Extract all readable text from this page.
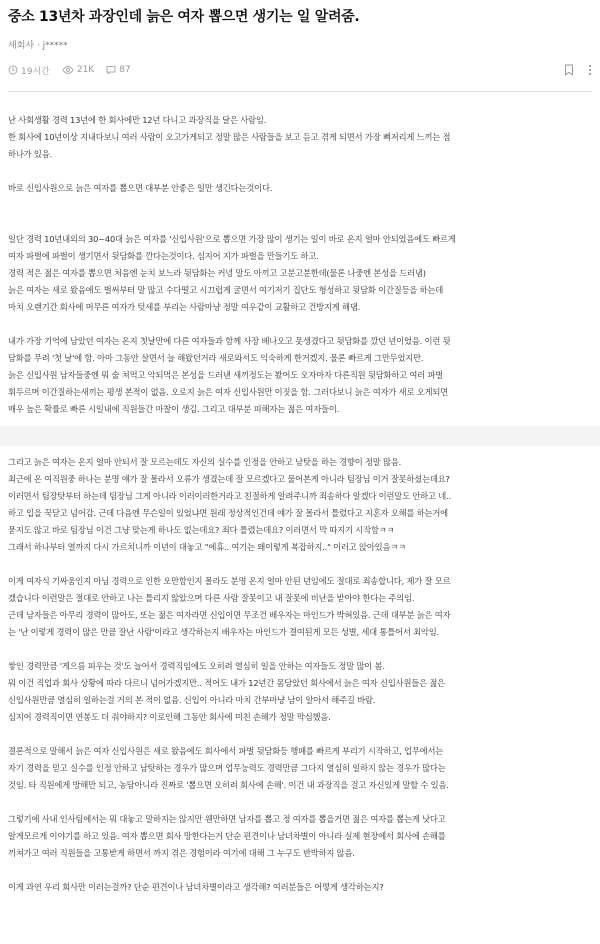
중소 13년차 과장인데 늙은 여자 뽑으면 생기는 일 알려줌.
새회사 · j*****
19시간	21K	87

난 사회생활 경력 13년에 한 회사에만 12년 다니고 과장직을 달은 사람임.
한 회사에 10년이상 지내다보니 여러 사람이 오고가게되고 정말 많은 사람들을 보고 듣고 겪게 되면서 가장 뼈저리게 느끼는 점
하나가 있음.

바로 신입사원으로 늙은 여자를 뽑으면 대부분 안좋은 일만 생긴다는것이다.

일단 경력 10년내외의 30~40대 늙은 여자를 '신입사원'으로 뽑으면 가장 많이 생기는 일이 바로 온지 얼마 안되었음에도 빠르게
여자 파벌에 파벌이 생기면서 뒷담화를 깐다는것이다. 심지어 지가 파벌을 만들기도 하고.
경력 적은 젊은 여자를 뽑으면 처음엔 눈치 보느라 뒷담화는 커녕 말도 아끼고 고분고분한데(물론 나중엔 본성을 드러냄)
늙은 여자는 새로 왔음에도 벌써부터 말 많고 수다떨고 시끄럽게 굴면서 여기저기 집단도 형성하고 뒷담화 이간질등을 하는데
마치 오랜기간 회사에 머무른 여자가 텃세를 부리는 사람마냥 정말 여우같이 교활하고 건방지게 해댐.

내가 가장 기억에 남았던 여자는 온지 첫날만에 다른 여자들과 함께 사장 배나오고 못생겼다고 뒷담화를 깠던 년이었음. 이런 뒷
담화를 무려 '첫 날'에 함. 아마 그동안 살면서 늘 해왔던거라 새로와서도 익숙하게 한거겠지. 물론 빠르게 그만두었지만.
늙은 신입사원 남자들중엔 뭐 술 쳐먹고 악되먹은 본성을 드러낸 새끼정도는 봤어도 오자마자 다른직원 뒷담화하고 여러 파벌
휘두르며 이간질하는새끼는 평생 본적이 없음. 오로지 늙은 여자 신입사원만 이짓을 함. 그러다보니 늙은 여자가 새로 오게되면
매우 높은 확률로 빠른 시일내에 직원들간 마찰이 생김. 그리고 대부분 피해자는 젊은 여자들이.

그리고 늙은 여자는 온지 얼마 안되서 잘 모르는데도 자신의 실수를 인정을 안하고 남탓을 하는 경향이 정말 많음.
최근에 온 여직원중 하나는 분명 얘가 잘 몰라서 오류가 생겼는데 잘 모르겠다고 물어본게 아니라 팀장님 이거 잘못하셨는데요?
이러면서 팀장탓부터 하는데 팀장님 그게 아니라 이러이러한거라고 친절하게 알려주니까 죄송하다 알겠다 이런말도 안하고 네..
하고 입을 꾹닫고 넘어감. 근데 다음엔 무슨일이 있었냐면 원래 정상적인건데 얘가 잘 몰라서 틀렸다고 지혼자 오해를 하는거에
묻지도 않고 바로 팀장님 이건 그냥 맞는게 하나도 없는데요? 죄다 틀렸는데요? 이러면서 막 따지기 시작함ㅋㅋ
그래서 하나부터 열까지 다시 가르치니까 이년이 대놓고 "에휴.. 여기는 왜이렇게 복잡하지.." 이러고 앉아있음ㅋㅋ

이게 여자식 기싸움인지 아님 경력으로 인한 오만함인지 몰라도 분명 온지 얼마 안된 년임에도 절대로 죄송합니다, 제가 잘 모르
겠습니다 이런말은 절대로 안하고 나는 틀리지 않았으며 다른 사람 잘못이고 내 잘못에 비난을 받아야 한다는 주의임.
근데 남자들은 아무리 경력이 많아도, 또는 젊은 여자라면 신입이면 무조건 배우자는 마인드가 박혀있음. 근데 대부분 늙은 여자
는 '난 이렇게 경력이 많은 만큼 잘난 사람'이라고 생각하는지 배우자는 마인드가 결여된게 모든 성별, 세대 통틀어서 최악임.

쌓인 경력만큼 '게으름 피우는 것'도 늘어서 경력직임에도 오히려 열심히 일을 안하는 여자들도 정말 많이 봄.
뭐 이건 직업과 회사 상황에 따라 다르니 넘어가겠지만.. 적어도 내가 12년간 몸담았던 회사에서 늙은 여자 신입사원들은 젊은
신입사원만큼 열심히 일하는걸 거의 본 적이 없음. 신입이 아니라 마치 간부마냥 남이 알아서 해주길 바람.
심지어 경력직이면 연봉도 더 줘야하지? 이로인해 그동안 회사에 미친 손해가 정말 막심했음.

결론적으로 말해서 늙은 여자 신입사원은 새로 왔음에도 회사에서 파벌 뒷담화등 행패를 빠르게 부리기 시작하고, 업무에서는
자기 경력을 믿고 실수를 인정 안하고 남탓하는 경우가 많으며 업무능력도 경력만큼 그다지 열심히 일하지 않는 경우가 많다는
것임. 타 직원에게 방해만 되고, 농담아니라 진짜로 '뽑으면 오히려 회사에 손해'. 이건 내 과장직을 걸고 자신있게 말할 수 있음.

그렇기에 사내 인사팀에서는 뭐 대놓고 말하지는 않지만 웬만하면 남자를 뽑고 정 여자를 뽑을거면 젊은 여자를 뽑는게 낫다고
알게모르게 이야기를 하고 있음. 여자 뽑으면 회사 망한다는거 단순 편견이나 남녀차별이 아니라 실제 현장에서 회사에 손해를
끼쳐가고 여러 직원들을 고통받게 하면서 까지 겪은 경험이라 여기에 대해 그 누구도 반박하지 않음.

이게 과연 우리 회사만 이러는걸까? 단순 편견이나 남녀차별이라고 생각해? 여러분들은 어떻게 생각하는지?
